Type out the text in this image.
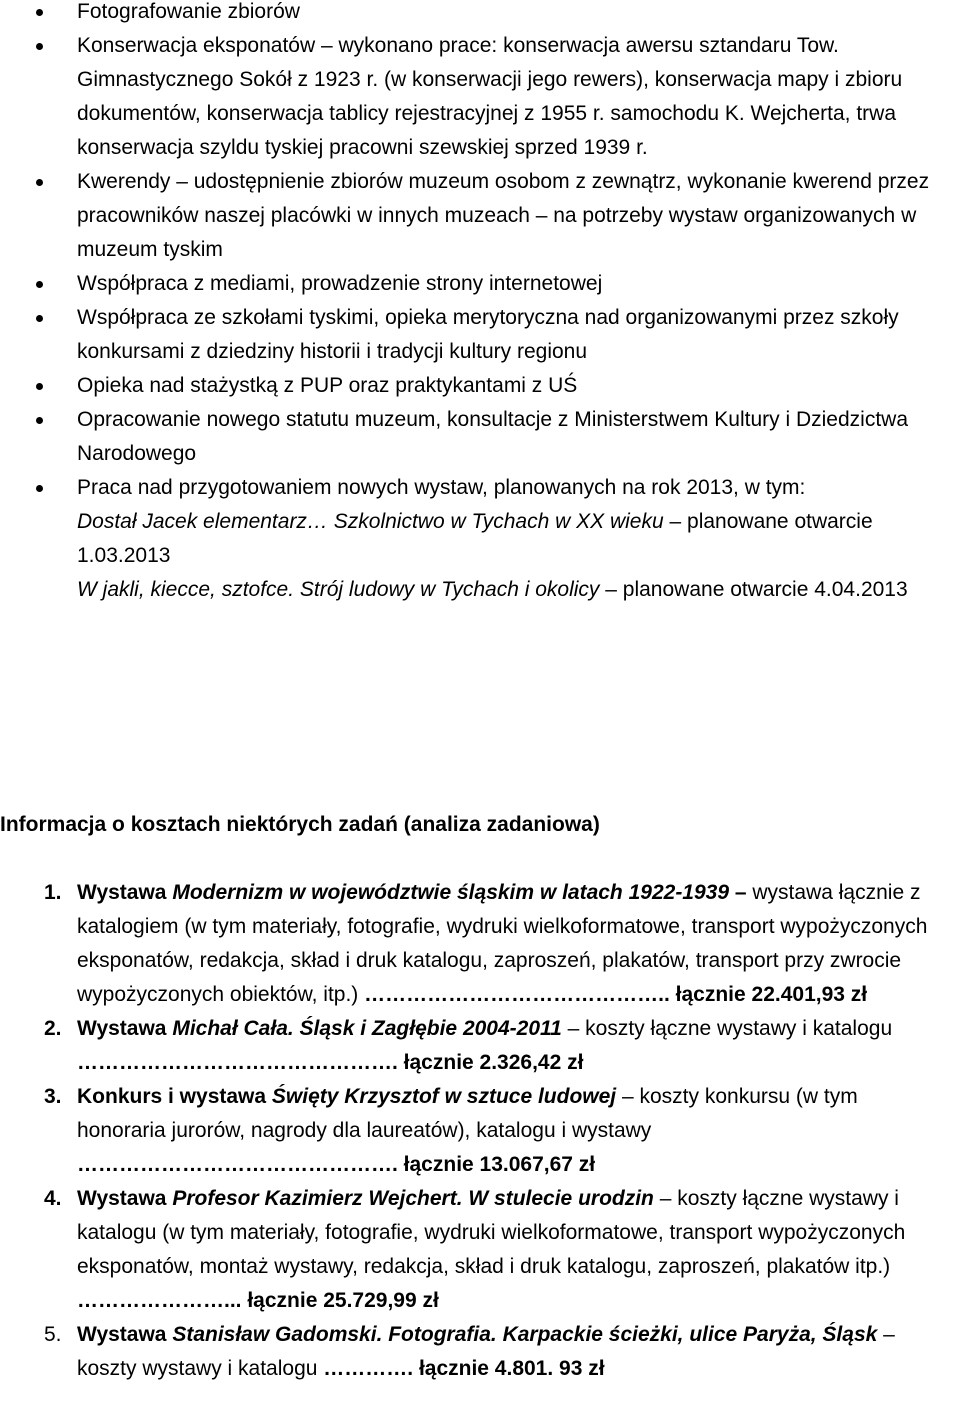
Fotografowanie zbiorów
Konserwacja eksponatów – wykonano prace: konserwacja awersu sztandaru Tow. Gimnastycznego Sokół z 1923 r. (w konserwacji jego rewers), konserwacja mapy i zbioru dokumentów, konserwacja tablicy rejestracyjnej z 1955 r. samochodu K. Wejcherta, trwa konserwacja szyldu tyskiej pracowni szewskiej sprzed 1939 r.
Kwerendy – udostępnienie zbiorów muzeum osobom z zewnątrz, wykonanie kwerend przez pracowników naszej placówki w innych muzeach – na potrzeby wystaw organizowanych w muzeum tyskim
Współpraca z mediami, prowadzenie strony internetowej
Współpraca ze szkołami tyskimi, opieka merytoryczna nad organizowanymi przez szkoły konkursami z dziedziny historii i tradycji kultury regionu
Opieka nad stażystką z PUP oraz praktykantami z UŚ
Opracowanie nowego statutu muzeum, konsultacje z Ministerstwem Kultury i Dziedzictwa Narodowego
Praca nad przygotowaniem nowych wystaw, planowanych na rok 2013, w tym:
Dostał Jacek elementarz… Szkolnictwo w Tychach w XX wieku – planowane otwarcie 1.03.2013
W jakli, kiecce, sztofce. Strój ludowy w Tychach i okolicy – planowane otwarcie 4.04.2013
Informacja o kosztach niektórych zadań (analiza zadaniowa)
1. Wystawa Modernizm w województwie śląskim w latach 1922-1939 – wystawa łącznie z katalogiem (w tym materiały, fotografie, wydruki wielkoformatowe, transport wypożyczonych eksponatów, redakcja, skład i druk katalogu, zaproszeń, plakatów, transport przy zwrocie wypożyczonych obiektów, itp.) …………………………………….. łącznie 22.401,93 zł
2. Wystawa Michał Cała. Śląsk i Zagłębie 2004-2011 – koszty łączne wystawy i katalogu ………………………………………. łącznie 2.326,42 zł
3. Konkurs i wystawa Święty Krzysztof w sztuce ludowej – koszty konkursu (w tym honoraria jurorów, nagrody dla laureatów), katalogu i wystawy
………………………………………. łącznie 13.067,67 zł
4. Wystawa Profesor Kazimierz Wejchert. W stulecie urodzin – koszty łączne wystawy i katalogu (w tym materiały, fotografie, wydruki wielkoformatowe, transport wypożyczonych eksponatów, montaż wystawy, redakcja, skład i druk katalogu, zaproszeń, plakatów itp.) …………………... łącznie 25.729,99 zł
5. Wystawa Stanisław Gadomski. Fotografia. Karpackie ścieżki, ulice Paryża, Śląsk – koszty wystawy i katalogu …………. łącznie 4.801. 93 zł
